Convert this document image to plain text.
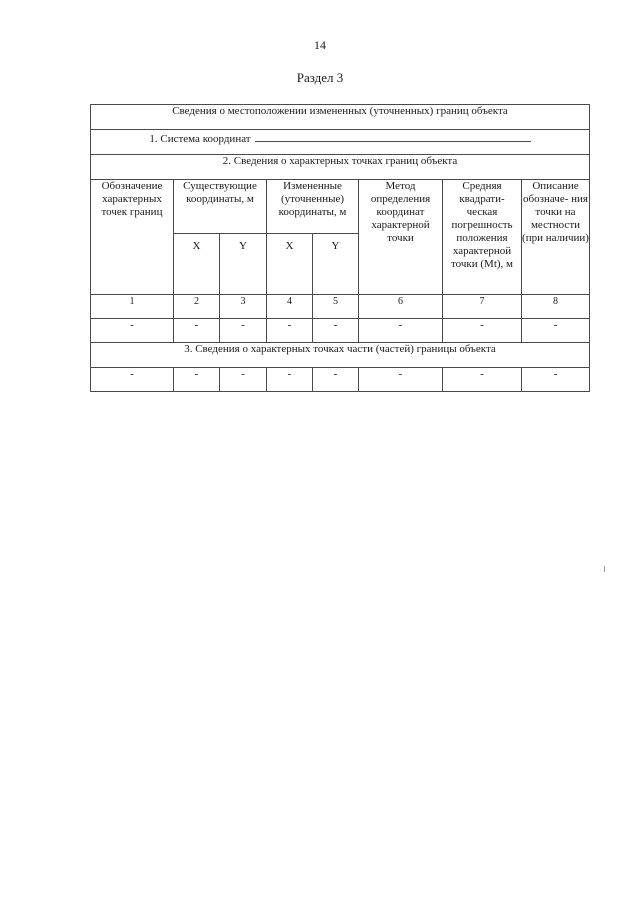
14
Раздел 3
Сведения о местоположении измененных (уточненных) границ объекта							
1. Система координат							
2. Сведения о характерных точках границ объекта							
Обозначение характерных точек границ	Существующие координаты, м		Измененные (уточненные) координаты, м		Метод определения координат характерной точки	Средняя квадрати- ческая погрешность положения характерной точки (Mt), м	Описание обозначе- ния точки на местности (при наличии)
	X	Y	X	Y			
1	2	3	4	5	6	7	8
-	-	-	-	-	-	-	-
3. Сведения о характерных точках части (частей) границы объекта							
-	-	-	-	-	-	-	-
